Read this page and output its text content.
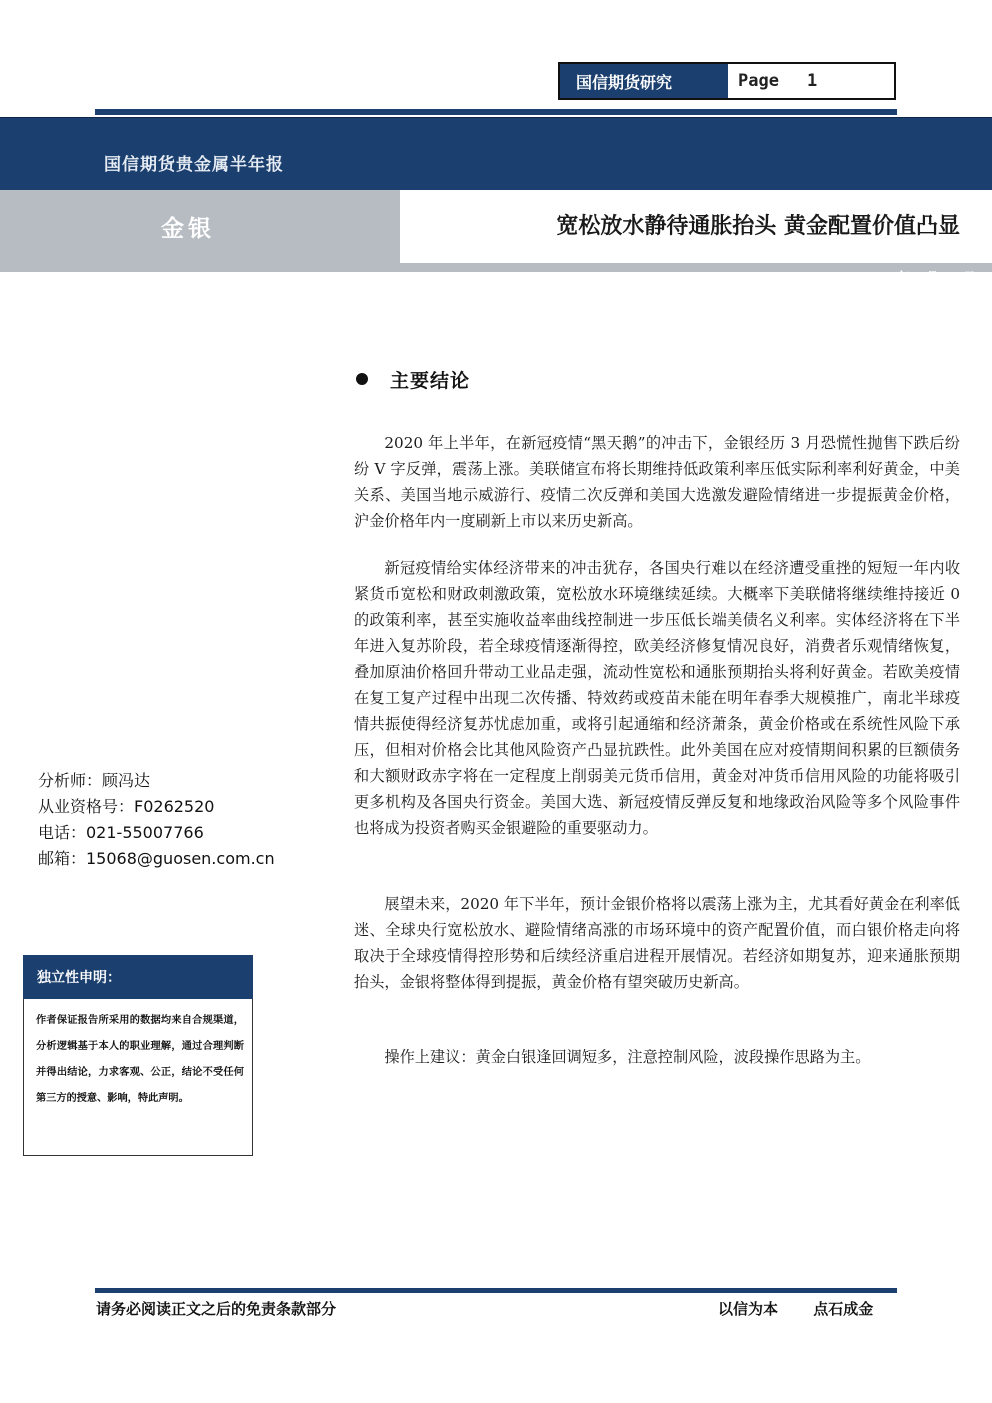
国信期货研究	Page 1
国信期货贵金属半年报
金银	宽松放水静待通胀抬头 黄金配置价值凸显
2020 年 6 月 28 日
主要结论

2020 年上半年，在新冠疫情“黑天鹅”的冲击下，金银经历 3 月恐慌性抛售下跌后纷纷 V 字反弹，震荡上涨。美联储宣布将长期维持低政策利率压低实际利率利好黄金，中美关系、美国当地示威游行、疫情二次反弹和美国大选激发避险情绪进一步提振黄金价格，沪金价格年内一度刷新上市以来历史新高。

新冠疫情给实体经济带来的冲击犹存，各国央行难以在经济遭受重挫的短短一年内收紧货币宽松和财政刺激政策，宽松放水环境继续延续。大概率下美联储将继续维持接近 0 的政策利率，甚至实施收益率曲线控制进一步压低长端美债名义利率。实体经济将在下半年进入复苏阶段，若全球疫情逐渐得控，欧美经济修复情况良好，消费者乐观情绪恢复，叠加原油价格回升带动工业品走强，流动性宽松和通胀预期抬头将利好黄金。若欧美疫情在复工复产过程中出现二次传播、特效药或疫苗未能在明年春季大规模推广，南北半球疫情共振使得经济复苏忧虑加重，或将引起通缩和经济萧条，黄金价格或在系统性风险下承压，但相对价格会比其他风险资产凸显抗跌性。此外美国在应对疫情期间积累的巨额债务和大额财政赤字将在一定程度上削弱美元货币信用，黄金对冲货币信用风险的功能将吸引更多机构及各国央行资金。美国大选、新冠疫情反弹反复和地缘政治风险等多个风险事件也将成为投资者购买金银避险的重要驱动力。

展望未来，2020 年下半年，预计金银价格将以震荡上涨为主，尤其看好黄金在利率低迷、全球央行宽松放水、避险情绪高涨的市场环境中的资产配置价值，而白银价格走向将取决于全球疫情得控形势和后续经济重启进程开展情况。若经济如期复苏，迎来通胀预期抬头，金银将整体得到提振，黄金价格有望突破历史新高。

操作上建议：黄金白银逢回调短多，注意控制风险，波段操作思路为主。

分析师：顾冯达
从业资格号：F0262520
电话：021-55007766
邮箱：15068@guosen.com.cn
独立性申明：
作者保证报告所采用的数据均来自合规渠道，分析逻辑基于本人的职业理解，通过合理判断 并得出结论，力求客观、公正，结论不受任何第三方的授意、影响，特此声明。
请务必阅读正文之后的免责条款部分	以信为本 点石成金
